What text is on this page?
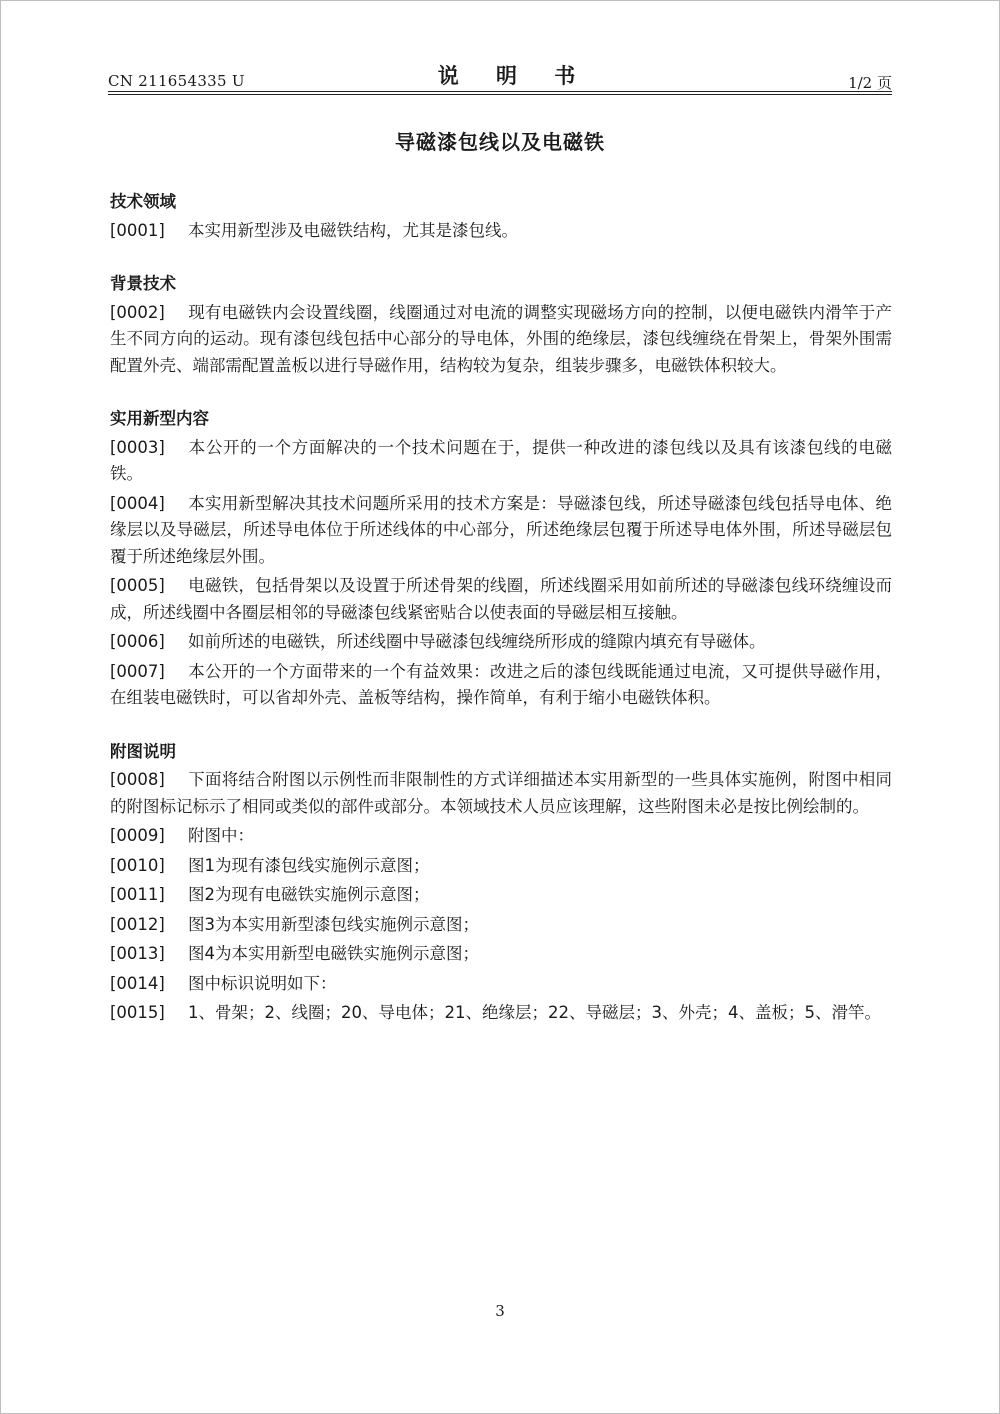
CN 211654335 U	说 明 书	1/2 页
导磁漆包线以及电磁铁
技术领域
[0001] 本实用新型涉及电磁铁结构，尤其是漆包线。
背景技术
[0002] 现有电磁铁内会设置线圈，线圈通过对电流的调整实现磁场方向的控制，以便电磁铁内滑竿于产生不同方向的运动。现有漆包线包括中心部分的导电体，外围的绝缘层，漆包线缠绕在骨架上，骨架外围需配置外壳、端部需配置盖板以进行导磁作用，结构较为复杂，组装步骤多，电磁铁体积较大。
实用新型内容
[0003] 本公开的一个方面解决的一个技术问题在于，提供一种改进的漆包线以及具有该漆包线的电磁铁。
[0004] 本实用新型解决其技术问题所采用的技术方案是：导磁漆包线，所述导磁漆包线包括导电体、绝缘层以及导磁层，所述导电体位于所述线体的中心部分，所述绝缘层包覆于所述导电体外围，所述导磁层包覆于所述绝缘层外围。
[0005] 电磁铁，包括骨架以及设置于所述骨架的线圈，所述线圈采用如前所述的导磁漆包线环绕缠设而成，所述线圈中各圈层相邻的导磁漆包线紧密贴合以使表面的导磁层相互接触。
[0006] 如前所述的电磁铁，所述线圈中导磁漆包线缠绕所形成的缝隙内填充有导磁体。
[0007] 本公开的一个方面带来的一个有益效果：改进之后的漆包线既能通过电流，又可提供导磁作用，在组装电磁铁时，可以省却外壳、盖板等结构，操作简单，有利于缩小电磁铁体积。
附图说明
[0008] 下面将结合附图以示例性而非限制性的方式详细描述本实用新型的一些具体实施例，附图中相同的附图标记标示了相同或类似的部件或部分。本领域技术人员应该理解，这些附图未必是按比例绘制的。
[0009] 附图中：
[0010] 图1为现有漆包线实施例示意图；
[0011] 图2为现有电磁铁实施例示意图；
[0012] 图3为本实用新型漆包线实施例示意图；
[0013] 图4为本实用新型电磁铁实施例示意图；
[0014] 图中标识说明如下：
[0015] 1、骨架；2、线圈；20、导电体；21、绝缘层；22、导磁层；3、外壳；4、盖板；5、滑竿。
3
